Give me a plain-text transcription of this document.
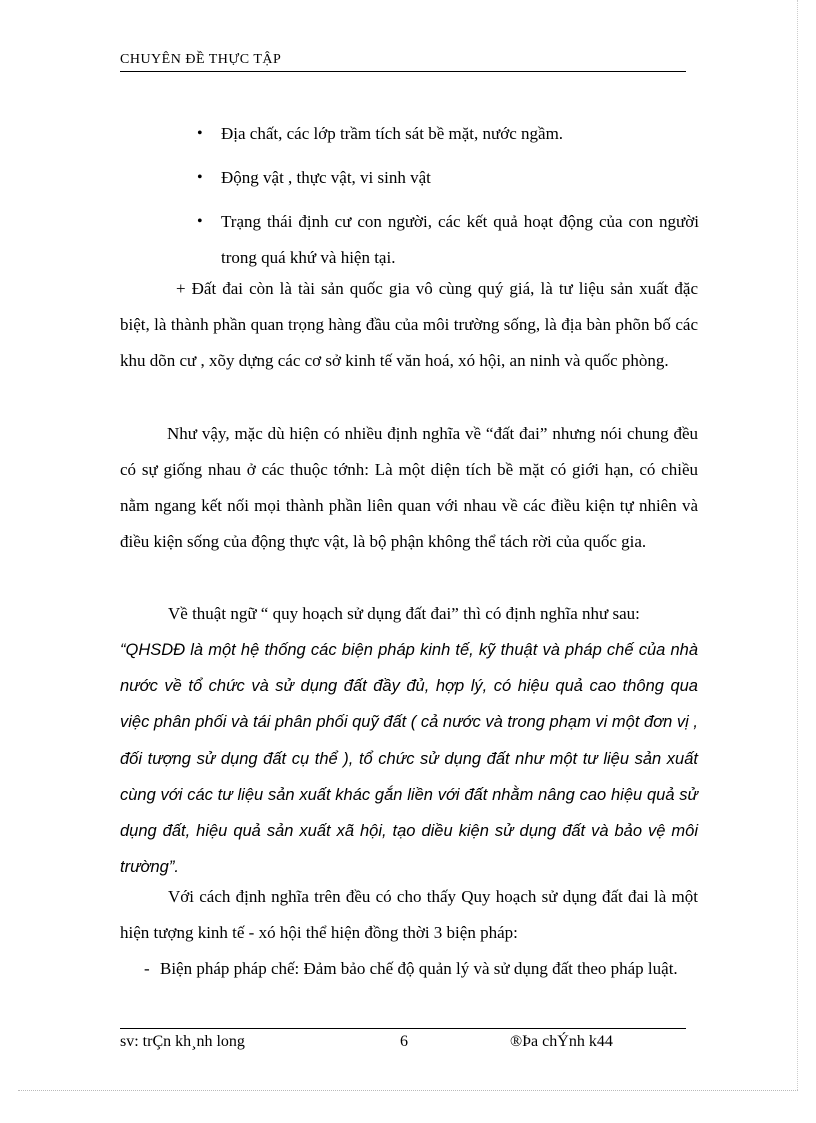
CHUYÊN ĐỀ THỰC TẬP
• Địa chất, các lớp trầm tích sát bề mặt, nước ngầm.
• Động vật , thực vật, vi sinh vật
• Trạng thái định cư con người, các kết quả hoạt động của con người trong quá khứ và hiện tại.

+ Đất đai còn là tài sản quốc gia vô cùng quý giá, là tư liệu sản xuất đặc biệt, là thành phần quan trọng hàng đầu của môi trường sống, là địa bàn phõn bố các khu dõn cư , xõy dựng các cơ sở kinh tế văn hoá, xó hội, an ninh và quốc phòng.

Như vậy, mặc dù hiện có nhiều định nghĩa về “đất đai” nhưng nói chung đều có sự giống nhau ở các thuộc tớnh: Là một diện tích bề mặt có giới hạn, có chiều nằm ngang kết nối mọi thành phần liên quan với nhau về các điều kiện tự nhiên và điều kiện sống của động thực vật, là bộ phận không thể tách rời của quốc gia.

Về thuật ngữ “ quy hoạch sử dụng đất đai” thì có định nghĩa như sau:

“QHSDĐ là một hệ thống các biện pháp kinh tế, kỹ thuật và pháp chế của nhà nước về tổ chức và sử dụng đất đầy đủ, hợp lý, có hiệu quả cao thông qua việc phân phối và tái phân phối quỹ đất ( cả nước và trong phạm vi một đơn vị , đối tượng sử dụng đất cụ thể ), tổ chức sử dụng đất như một tư liệu sản xuất cùng với các tư liệu sản xuất khác gắn liền với đất nhằm nâng cao hiệu quả sử dụng đất, hiệu quả sản xuất xã hội, tạo diều kiện sử dụng đất và bảo vệ môi trường”.

Với cách định nghĩa trên đều có cho thấy Quy hoạch sử dụng đất đai là một hiện tượng kinh tế - xó hội thể hiện đồng thời 3 biện pháp:

- Biện pháp pháp chế: Đảm bảo chế độ quản lý và sử dụng đất theo pháp luật.
sv: trÇn kh¸nh long	6	®Þa chÝnh k44
